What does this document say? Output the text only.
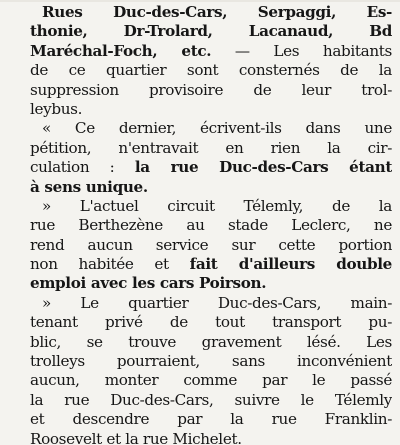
Rues Duc-des-Cars, Serpaggi, Es-
thonie, Dr-Trolard, Lacanaud, Bd
Maréchal-Foch, etc. — Les habitants
de ce quartier sont consternés de la
suppression provisoire de leur trol-
leybus.
« Ce dernier, écrivent-ils dans une
pétition, n'entravait en rien la cir-
culation : la rue Duc-des-Cars étant
à sens unique.
» L'actuel circuit Télemly, de la
rue Berthezène au stade Leclerc, ne
rend aucun service sur cette portion
non habitée et fait d'ailleurs double
emploi avec les cars Poirson.
» Le quartier Duc-des-Cars, main-
tenant privé de tout transport pu-
blic, se trouve gravement lésé. Les
trolleys pourraient, sans inconvénient
aucun, monter comme par le passé
la rue Duc-des-Cars, suivre le Télemly
et descendre par la rue Franklin-
Roosevelt et la rue Michelet.
